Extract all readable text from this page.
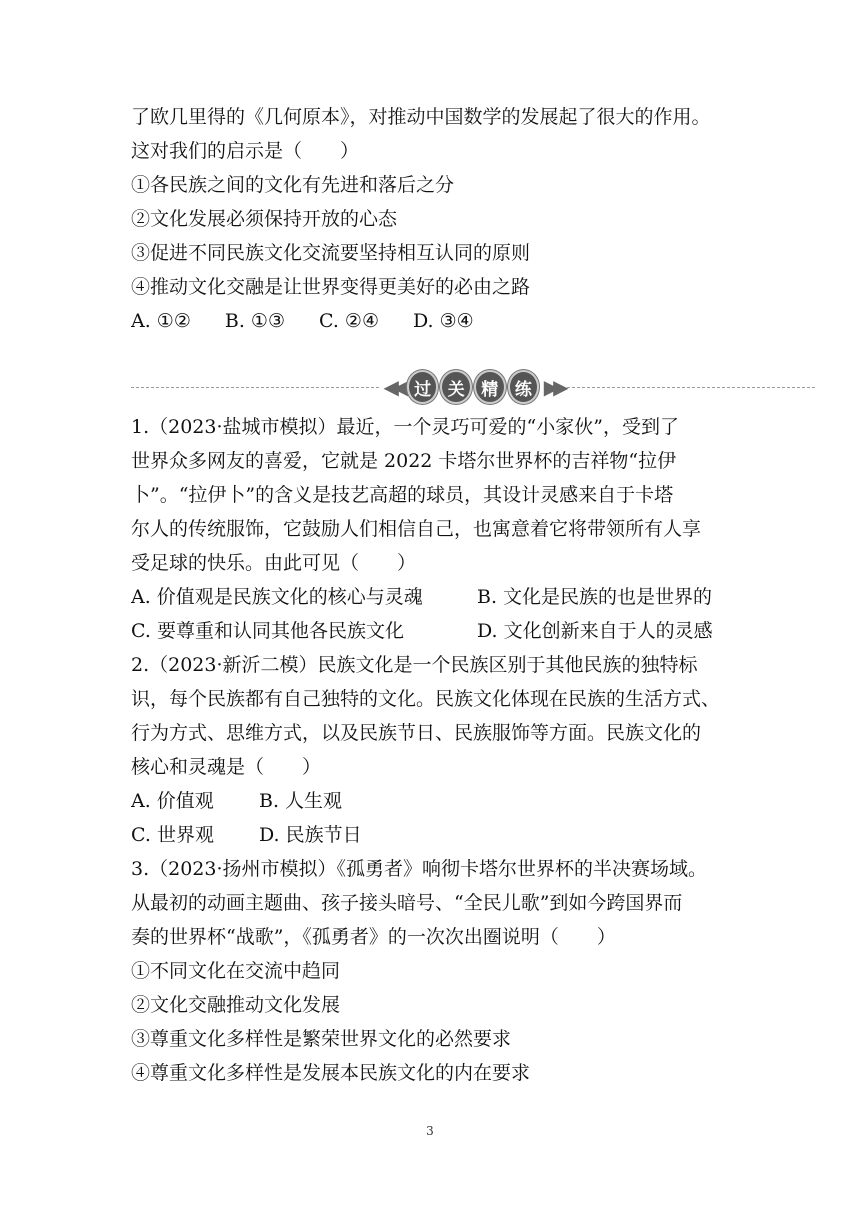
了欧几里得的《几何原本》，对推动中国数学的发展起了很大的作用。
这对我们的启示是（　　）
①各民族之间的文化有先进和落后之分
②文化发展必须保持开放的心态
③促进不同民族文化交流要坚持相互认同的原则
④推动文化交融是让世界变得更美好的必由之路
A. ①② B. ①③ C. ②④ D. ③④
◀◀ 过 关 精 练 ▶▶
1.（2023·盐城市模拟）最近，一个灵巧可爱的“小家伙”，受到了
世界众多网友的喜爱，它就是 2022 卡塔尔世界杯的吉祥物“拉伊
卜”。“拉伊卜”的含义是技艺高超的球员，其设计灵感来自于卡塔
尔人的传统服饰，它鼓励人们相信自己，也寓意着它将带领所有人享
受足球的快乐。由此可见（　　）
A. 价值观是民族文化的核心与灵魂	B. 文化是民族的也是世界的
C. 要尊重和认同其他各民族文化	D. 文化创新来自于人的灵感
2.（2023·新沂二模）民族文化是一个民族区别于其他民族的独特标
识，每个民族都有自己独特的文化。民族文化体现在民族的生活方式、
行为方式、思维方式，以及民族节日、民族服饰等方面。民族文化的
核心和灵魂是（　　）
A. 价值观 B. 人生观
C. 世界观 D. 民族节日
3.（2023·扬州市模拟）《孤勇者》响彻卡塔尔世界杯的半决赛场域。
从最初的动画主题曲、孩子接头暗号、“全民儿歌”到如今跨国界而
奏的世界杯“战歌”，《孤勇者》的一次次出圈说明（　　）
①不同文化在交流中趋同
②文化交融推动文化发展
③尊重文化多样性是繁荣世界文化的必然要求
④尊重文化多样性是发展本民族文化的内在要求
3
